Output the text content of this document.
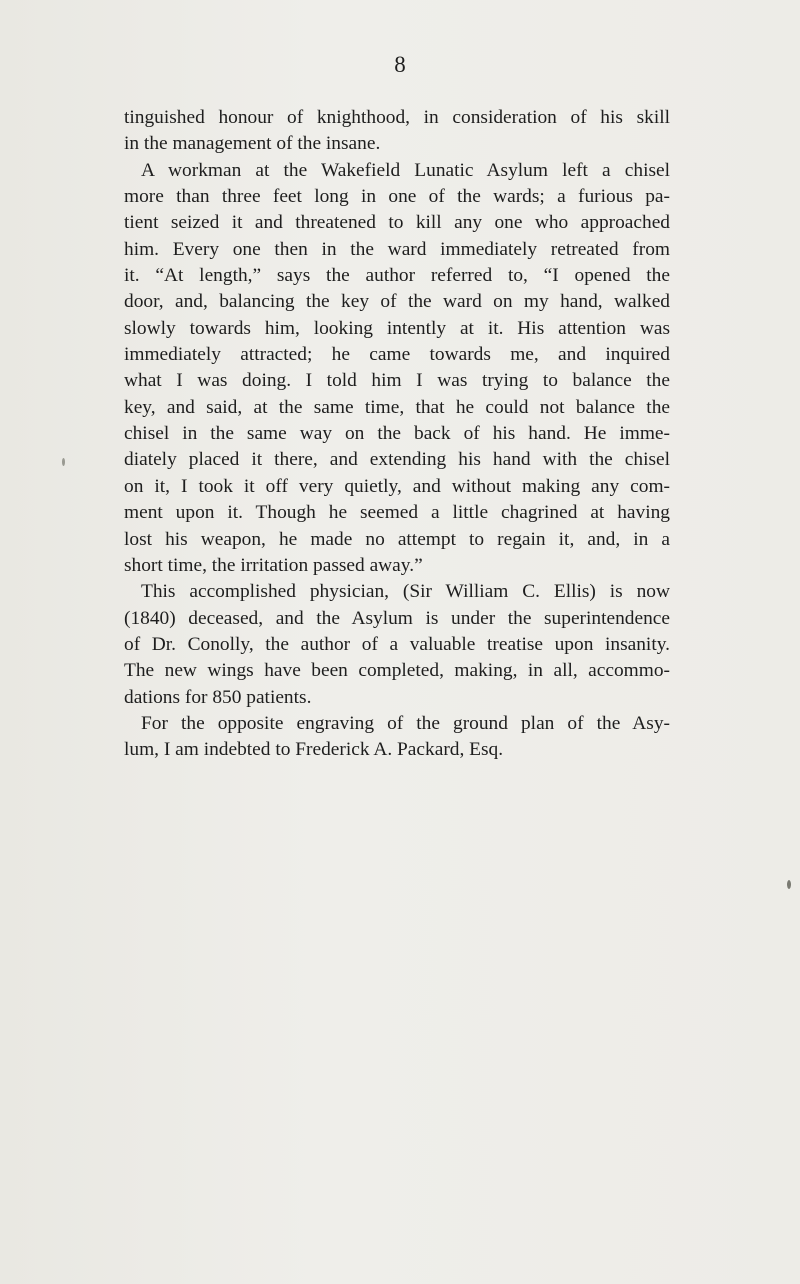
8
tinguished honour of knighthood, in consideration of his skill
in the management of the insane.
A workman at the Wakefield Lunatic Asylum left a chisel
more than three feet long in one of the wards; a furious pa-
tient seized it and threatened to kill any one who approached
him. Every one then in the ward immediately retreated from
it. “At length,” says the author referred to, “I opened the
door, and, balancing the key of the ward on my hand, walked
slowly towards him, looking intently at it. His attention was
immediately attracted; he came towards me, and inquired
what I was doing. I told him I was trying to balance the
key, and said, at the same time, that he could not balance the
chisel in the same way on the back of his hand. He imme-
diately placed it there, and extending his hand with the chisel
on it, I took it off very quietly, and without making any com-
ment upon it. Though he seemed a little chagrined at having
lost his weapon, he made no attempt to regain it, and, in a
short time, the irritation passed away.”
This accomplished physician, (Sir William C. Ellis) is now
(1840) deceased, and the Asylum is under the superintendence
of Dr. Conolly, the author of a valuable treatise upon insanity.
The new wings have been completed, making, in all, accommo-
dations for 850 patients.
For the opposite engraving of the ground plan of the Asy-
lum, I am indebted to Frederick A. Packard, Esq.
